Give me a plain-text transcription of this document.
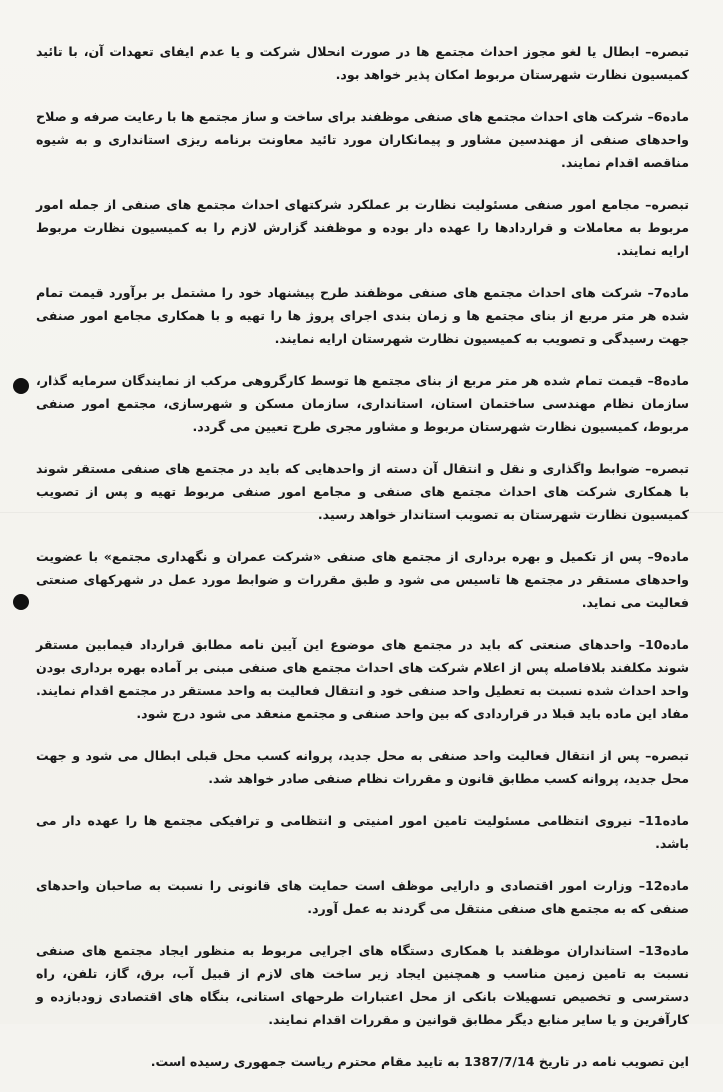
تبصره– ابطال یا لغو مجوز احداث مجتمع ها در صورت انحلال شرکت و یا عدم ایفای تعهدات آن، با تائید کمیسیون نظارت شهرستان مربوط امکان پذیر خواهد بود.

ماده6– شرکت های احداث مجتمع های صنفی موظفند برای ساخت و ساز مجتمع ها با رعایت صرفه و صلاح واحدهای صنفی از مهندسین مشاور و پیمانکاران مورد تائید معاونت برنامه ریزی استانداری و به شیوه مناقصه اقدام نمایند.

تبصره– مجامع امور صنفی مسئولیت نظارت بر عملکرد شرکتهای احداث مجتمع های صنفی از جمله امور مربوط به معاملات و قراردادها را عهده دار بوده و موظفند گزارش لازم را به کمیسیون نظارت مربوط ارایه نمایند.

ماده7– شرکت های احداث مجتمع های صنفی موظفند طرح پیشنهاد خود را مشتمل بر برآورد قیمت تمام شده هر متر مربع از بنای مجتمع ها و زمان بندی اجرای پروژ ها را تهیه و با همکاری مجامع امور صنفی جهت رسیدگی و تصویب به کمیسیون نظارت شهرستان ارایه نمایند.

ماده8– قیمت تمام شده هر متر مربع از بنای مجتمع ها توسط کارگروهی مرکب از نمایندگان سرمایه گذار، سازمان نظام مهندسی ساختمان استان، استانداری، سازمان مسکن و شهرسازی، مجتمع امور صنفی مربوط، کمیسیون نظارت شهرستان مربوط و مشاور مجری طرح تعیین می گردد.

تبصره– ضوابط واگذاری و نقل و انتقال آن دسته از واحدهایی که باید در مجتمع های صنفی مستقر شوند با همکاری شرکت های احداث مجتمع های صنفی و مجامع امور صنفی مربوط تهیه و پس از تصویب کمیسیون نظارت شهرستان به تصویب استاندار خواهد رسید.

ماده9– پس از تکمیل و بهره برداری از مجتمع های صنفی «شرکت عمران و نگهداری مجتمع» با عضویت واحدهای مستقر در مجتمع ها تاسیس می شود و طبق مقررات و ضوابط مورد عمل در شهرکهای صنعتی فعالیت می نماید.

ماده10– واحدهای صنعتی که باید در مجتمع های موضوع این آیین نامه مطابق قرارداد فیمابین مستقر شوند مکلفند بلافاصله پس از اعلام شرکت های احداث مجتمع های صنفی مبنی بر آماده بهره برداری بودن واحد احداث شده نسبت به تعطیل واحد صنفی خود و انتقال فعالیت به واحد مستقر در مجتمع اقدام نمایند. مفاد این ماده باید قبلا در قراردادی که بین واحد صنفی و مجتمع منعقد می شود درج شود.

تبصره– پس از انتقال فعالیت واحد صنفی به محل جدید، پروانه کسب محل قبلی ابطال می شود و جهت محل جدید، پروانه کسب مطابق قانون و مقررات نظام صنفی صادر خواهد شد.

ماده11– نیروی انتظامی مسئولیت تامین امور امنیتی و انتظامی و ترافیکی مجتمع ها را عهده دار می باشد.

ماده12– وزارت امور اقتصادی و دارایی موظف است حمایت های قانونی را نسبت به صاحبان واحدهای صنفی که به مجتمع های صنفی منتقل می گردند به عمل آورد.

ماده13– استانداران موظفند با همکاری دستگاه های اجرایی مربوط به منظور ایجاد مجتمع های صنفی نسبت به تامین زمین مناسب و همچنین ایجاد زیر ساخت های لازم از قبیل آب، برق، گاز، تلفن، راه دسترسی و تخصیص تسهیلات بانکی از محل اعتبارات طرحهای استانی، بنگاه های اقتصادی زودبازده و کارآفرین و یا سایر منابع دیگر مطابق قوانین و مقررات اقدام نمایند.

این تصویب نامه در تاریخ 1387/7/14 به تایید مقام محترم ریاست جمهوری رسیده است.
